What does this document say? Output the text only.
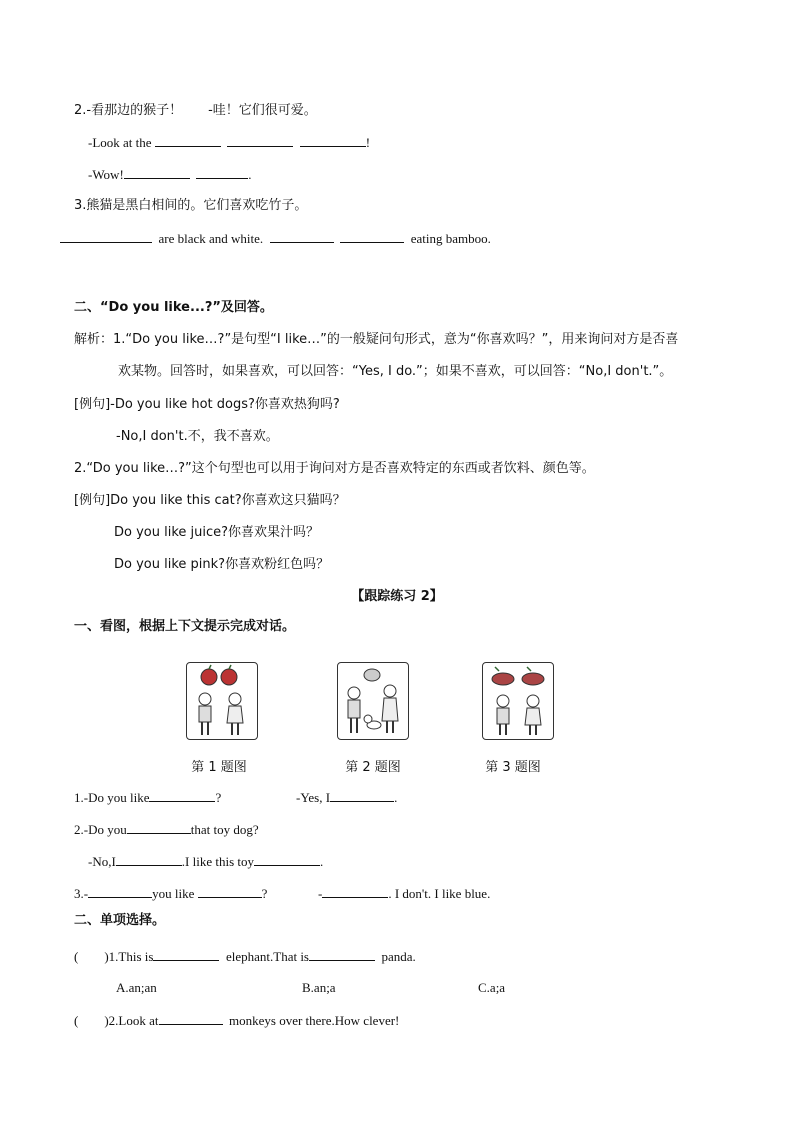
2.-看那边的猴子！　　-哇！它们很可爱。
-Look at the	!
-Wow!	.
3.熊猫是黑白相间的。它们喜欢吃竹子。
are black and white.	eating bamboo.
二、“Do you like...?”及回答。
解析：1.“Do you like…?”是句型“I like…”的一般疑问句形式，意为“你喜欢吗？”，用来询问对方是否喜
欢某物。回答时，如果喜欢，可以回答：“Yes, I do.”；如果不喜欢，可以回答：“No,I don't.”。
[例句]-Do you like hot dogs?你喜欢热狗吗?
-No,I don't.不，我不喜欢。
2.“Do you like…?”这个句型也可以用于询问对方是否喜欢特定的东西或者饮料、颜色等。
[例句]Do you like this cat?你喜欢这只猫吗？
Do you like juice?你喜欢果汁吗？
Do you like pink?你喜欢粉红色吗？
【跟踪练习 2】
一、看图，根据上下文提示完成对话。
第 1 题图	第 2 题图	第 3 题图
1.-Do you like	?	-Yes, I	.
2.-Do you	that toy dog?
-No,I	.I like this toy	.
3.-	you like	?	-	. I don't. I like blue.
二、单项选择。
( )1.This is	elephant.That is	panda.
A.an;an	B.an;a	C.a;a
( )2.Look at	monkeys over there.How clever!
